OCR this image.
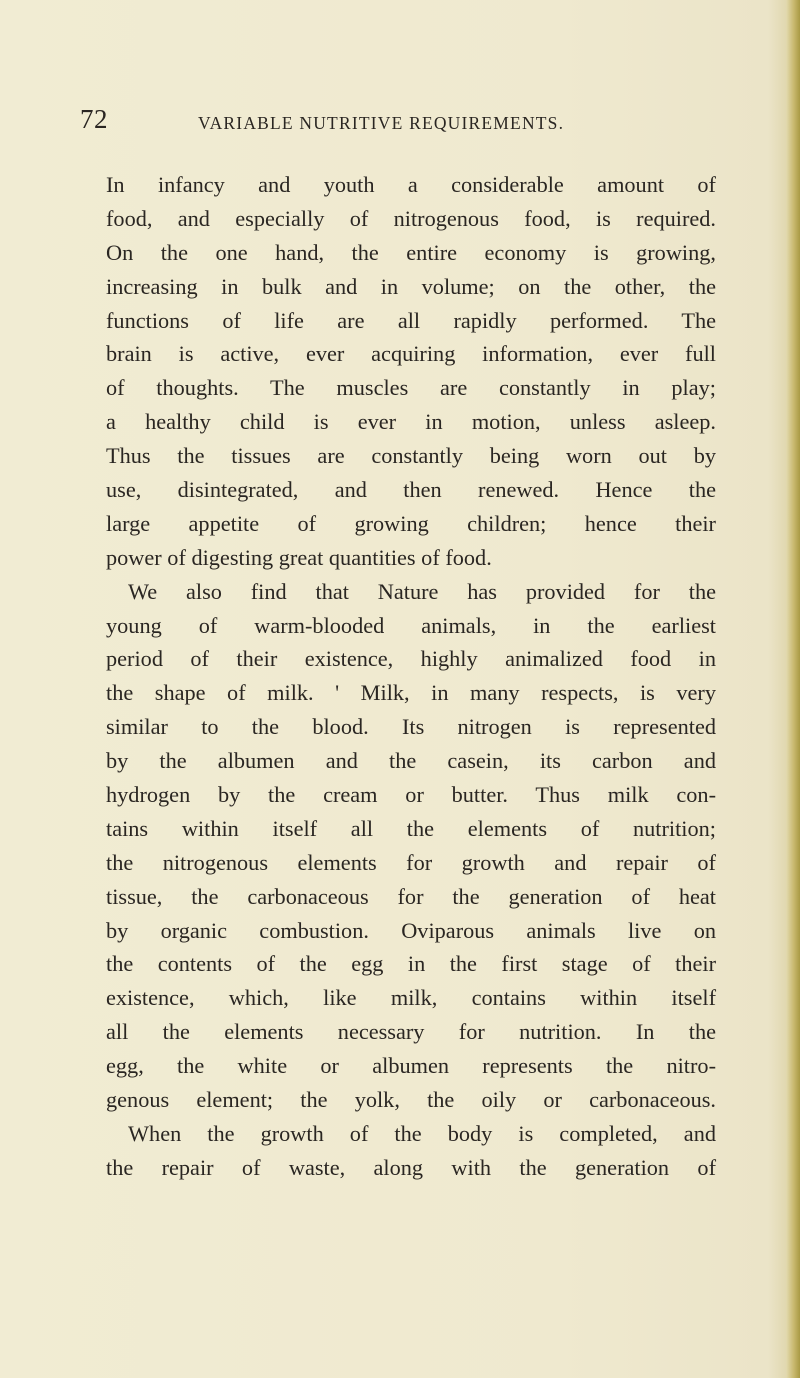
72	VARIABLE NUTRITIVE REQUIREMENTS.
In infancy and youth a considerable amount of
food, and especially of nitrogenous food, is required.
On the one hand, the entire economy is growing,
increasing in bulk and in volume; on the other, the
functions of life are all rapidly performed. The
brain is active, ever acquiring information, ever full
of thoughts. The muscles are constantly in play;
a healthy child is ever in motion, unless asleep.
Thus the tissues are constantly being worn out by
use, disintegrated, and then renewed. Hence the
large appetite of growing children; hence their
power of digesting great quantities of food.
We also find that Nature has provided for the
young of warm-blooded animals, in the earliest
period of their existence, highly animalized food in
the shape of milk. ' Milk, in many respects, is very
similar to the blood. Its nitrogen is represented
by the albumen and the casein, its carbon and
hydrogen by the cream or butter. Thus milk con-
tains within itself all the elements of nutrition;
the nitrogenous elements for growth and repair of
tissue, the carbonaceous for the generation of heat
by organic combustion. Oviparous animals live on
the contents of the egg in the first stage of their
existence, which, like milk, contains within itself
all the elements necessary for nutrition. In the
egg, the white or albumen represents the nitro-
genous element; the yolk, the oily or carbonaceous.
When the growth of the body is completed, and
the repair of waste, along with the generation of
